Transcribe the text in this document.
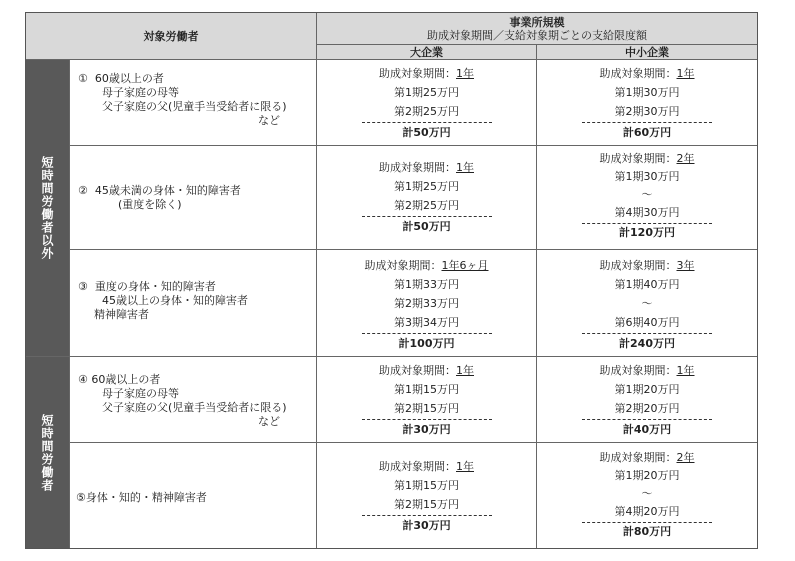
対象労働者
事業所規模
助成対象期間／支給対象期ごとの支給限度額
大企業	中小企業
短時間労働者以外
短時間労働者
① 60歳以上の者
母子家庭の母等
父子家庭の父(児童手当受給者に限る)
など
助成対象期間：1年
第1期25万円
第2期25万円
計50万円
助成対象期間：1年
第1期30万円
第2期30万円
計60万円
② 45歳未満の身体・知的障害者
(重度を除く)
助成対象期間：1年
第1期25万円
第2期25万円
計50万円
助成対象期間：2年
第1期30万円
～
第4期30万円
計120万円
③ 重度の身体・知的障害者
45歳以上の身体・知的障害者
精神障害者
助成対象期間：1年6ヶ月
第1期33万円
第2期33万円
第3期34万円
計100万円
助成対象期間：3年
第1期40万円
～
第6期40万円
計240万円
④ 60歳以上の者
母子家庭の母等
父子家庭の父(児童手当受給者に限る)
など
助成対象期間：1年
第1期15万円
第2期15万円
計30万円
助成対象期間：1年
第1期20万円
第2期20万円
計40万円
⑤身体・知的・精神障害者
助成対象期間：1年
第1期15万円
第2期15万円
計30万円
助成対象期間：2年
第1期20万円
～
第4期20万円
計80万円
